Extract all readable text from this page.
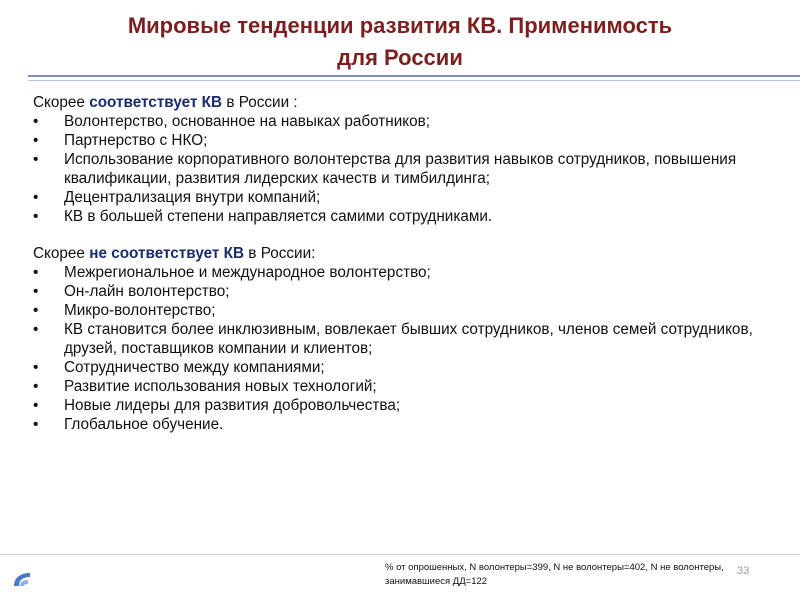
Мировые тенденции развития КВ. Применимость
для России

Скорее соответствует КВ в России :

• Волонтерство, основанное на навыках работников;
• Партнерство с НКО;
• Использование корпоративного волонтерства для развития навыков сотрудников, повышения квалификации, развития лидерских качеств и тимбилдинга;
• Децентрализация внутри компаний;
• КВ в большей степени направляется самими сотрудниками.

Скорее не соответствует КВ в России:

• Межрегиональное и международное волонтерство;
• Он-лайн волонтерство;
• Микро-волонтерство;
• КВ становится более инклюзивным, вовлекает бывших сотрудников, членов семей сотрудников, друзей, поставщиков компании и клиентов;
• Сотрудничество между компаниями;
• Развитие использования новых технологий;
• Новые лидеры для развития добровольчества;
• Глобальное обучение.
% от опрошенных, N волонтеры=399, N не волонтеры=402, N не волонтеры, занимавшиеся ДД=122
33
